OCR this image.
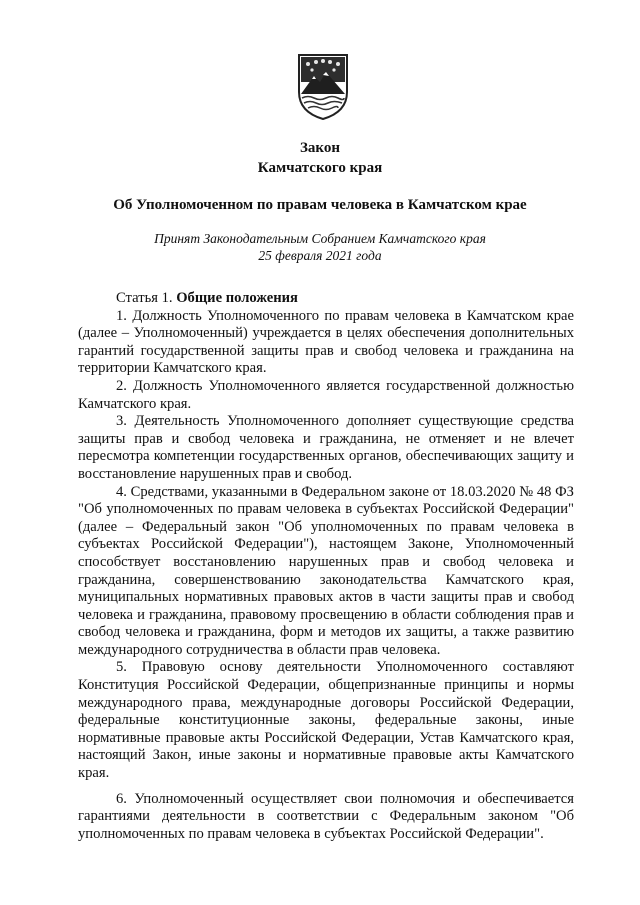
Закон
Камчатского края
Об Уполномоченном по правам человека в Камчатском крае
Принят Законодательным Собранием Камчатского края
25 февраля 2021 года

Статья 1. Общие положения

1. Должность Уполномоченного по правам человека в Камчатском крае (далее – Уполномоченный) учреждается в целях обеспечения дополнительных гарантий государственной защиты прав и свобод человека и гражданина на территории Камчатского края.

2. Должность Уполномоченного является государственной должностью Камчатского края.

3. Деятельность Уполномоченного дополняет существующие средства защиты прав и свобод человека и гражданина, не отменяет и не влечет пересмотра компетенции государственных органов, обеспечивающих защиту и восстановление нарушенных прав и свобод.

4. Средствами, указанными в Федеральном законе от 18.03.2020 № 48 ФЗ "Об уполномоченных по правам человека в субъектах Российской Федерации" (далее – Федеральный закон "Об уполномоченных по правам человека в субъектах Российской Федерации"), настоящем Законе, Уполномоченный способствует восстановлению нарушенных прав и свобод человека и гражданина, совершенствованию законодательства Камчатского края, муниципальных нормативных правовых актов в части защиты прав и свобод человека и гражданина, правовому просвещению в области соблюдения прав и свобод человека и гражданина, форм и методов их защиты, а также развитию международного сотрудничества в области прав человека.

5. Правовую основу деятельности Уполномоченного составляют Конституция Российской Федерации, общепризнанные принципы и нормы международного права, международные договоры Российской Федерации, федеральные конституционные законы, федеральные законы, иные нормативные правовые акты Российской Федерации, Устав Камчатского края, настоящий Закон, иные законы и нормативные правовые акты Камчатского края.

6. Уполномоченный осуществляет свои полномочия и обеспечивается гарантиями деятельности в соответствии с Федеральным законом "Об уполномоченных по правам человека в субъектах Российской Федерации".
